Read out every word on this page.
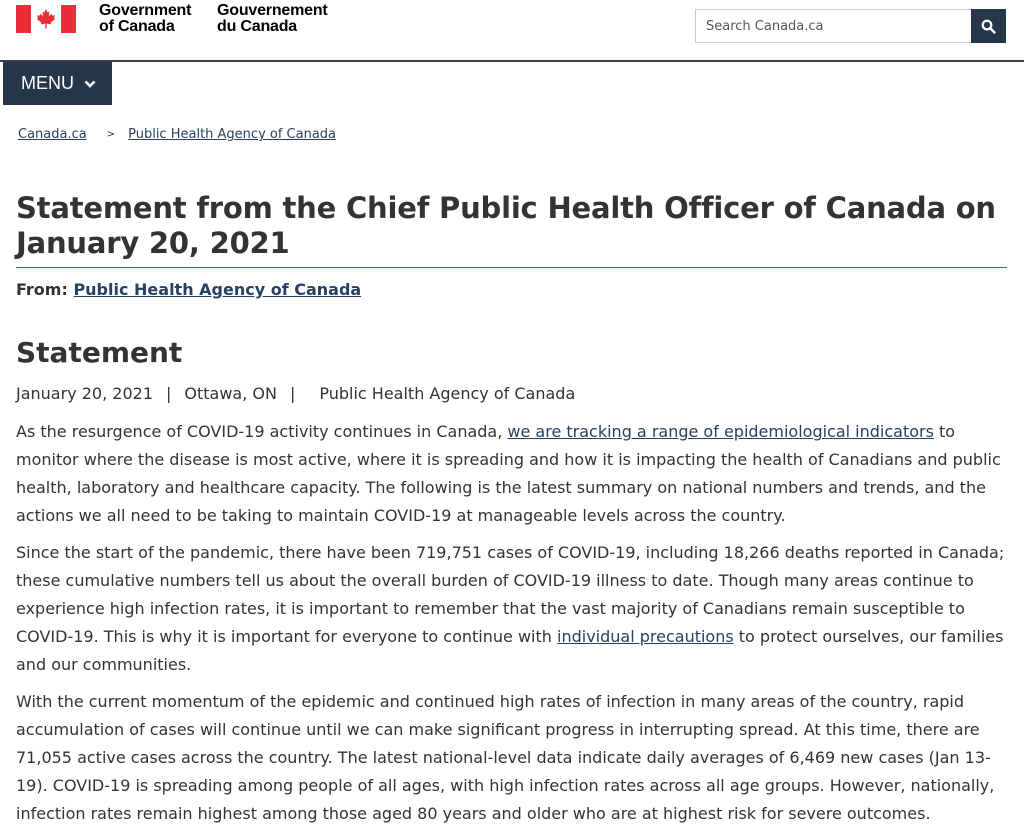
Government
of Canada
Gouvernement
du Canada
Search Canada.ca
MENU
Canada.ca > Public Health Agency of Canada
Statement from the Chief Public Health Officer of Canada on January 20, 2021
From: Public Health Agency of Canada
Statement
January 20, 2021 | Ottawa, ON | Public Health Agency of Canada

As the resurgence of COVID-19 activity continues in Canada, we are tracking a range of epidemiological indicators to monitor where the disease is most active, where it is spreading and how it is impacting the health of Canadians and public health, laboratory and healthcare capacity. The following is the latest summary on national numbers and trends, and the actions we all need to be taking to maintain COVID-19 at manageable levels across the country.

Since the start of the pandemic, there have been 719,751 cases of COVID-19, including 18,266 deaths reported in Canada; these cumulative numbers tell us about the overall burden of COVID-19 illness to date. Though many areas continue to experience high infection rates, it is important to remember that the vast majority of Canadians remain susceptible to COVID-19. This is why it is important for everyone to continue with individual precautions to protect ourselves, our families and our communities.

With the current momentum of the epidemic and continued high rates of infection in many areas of the country, rapid accumulation of cases will continue until we can make significant progress in interrupting spread. At this time, there are 71,055 active cases across the country. The latest national-level data indicate daily averages of 6,469 new cases (Jan 13-19). COVID-19 is spreading among people of all ages, with high infection rates across all age groups. However, nationally, infection rates remain highest among those aged 80 years and older who are at highest risk for severe outcomes.
